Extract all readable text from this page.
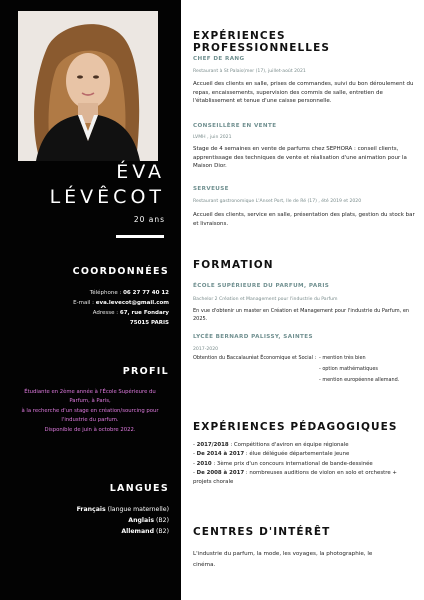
ÉVA
LÉVÊCOT
20 ans
COORDONNÉES
Téléphone : 06 27 77 40 12
E-mail : eva.levecot@gmail.com
Adresse : 67, rue Fondary
75015 PARIS
PROFIL
Étudiante en 2ème année à l'École Supérieure du
Parfum, à Paris,
à la recherche d'un stage en création/sourcing pour
l'industrie du parfum.
Disponible de juin à octobre 2022.
LANGUES
Français (langue maternelle)
Anglais (B2)
Allemand (B2)
EXPÉRIENCES PROFESSIONNELLES
CHEF DE RANG
Restaurant à St Palais(mer (17), juillet-août 2021
Accueil des clients en salle, prises de commandes, suivi du bon déroulement du repas, encaissements, supervision des commis de salle, entretien de l'établissement et tenue d'une caisse personnelle.
CONSEILLÈRE EN VENTE
LVMH , juin 2021
Stage de 4 semaines en vente de parfums chez SEPHORA : conseil clients, apprentissage des techniques de vente et réalisation d'une animation pour la Maison Dior.
SERVEUSE
Restaurant gastronomique L'Anset Port, Ile de Ré (17) , été 2019 et 2020
Accueil des clients, service en salle, présentation des plats, gestion du stock bar et livraisons.
FORMATION
ÉCOLE SUPÉRIEURE DU PARFUM, PARIS
Bachelor 2 Création et Management pour l'industrie du Parfum
En vue d'obtenir un master en Création et Management pour l'industrie du Parfum, en 2025.
LYCÉE BERNARD PALISSY, SAINTES
2017-2020
Obtention du Baccalauréat Économique et Social : - mention très bien
- option mathématiques
- mention européenne allemand.
EXPÉRIENCES PÉDAGOGIQUES
- 2017/2018 : Compétitions d'aviron en équipe régionale
- De 2014 à 2017 : élue déléguée départementale jeune
- 2010 : 3ème prix d'un concours international de bande-dessinée
- De 2008 à 2017 : nombreuses auditions de violon en solo et orchestre +
projets chorale
CENTRES D'INTÉRÊT
L'industrie du parfum, la mode, les voyages, la photographie, le
cinéma.
